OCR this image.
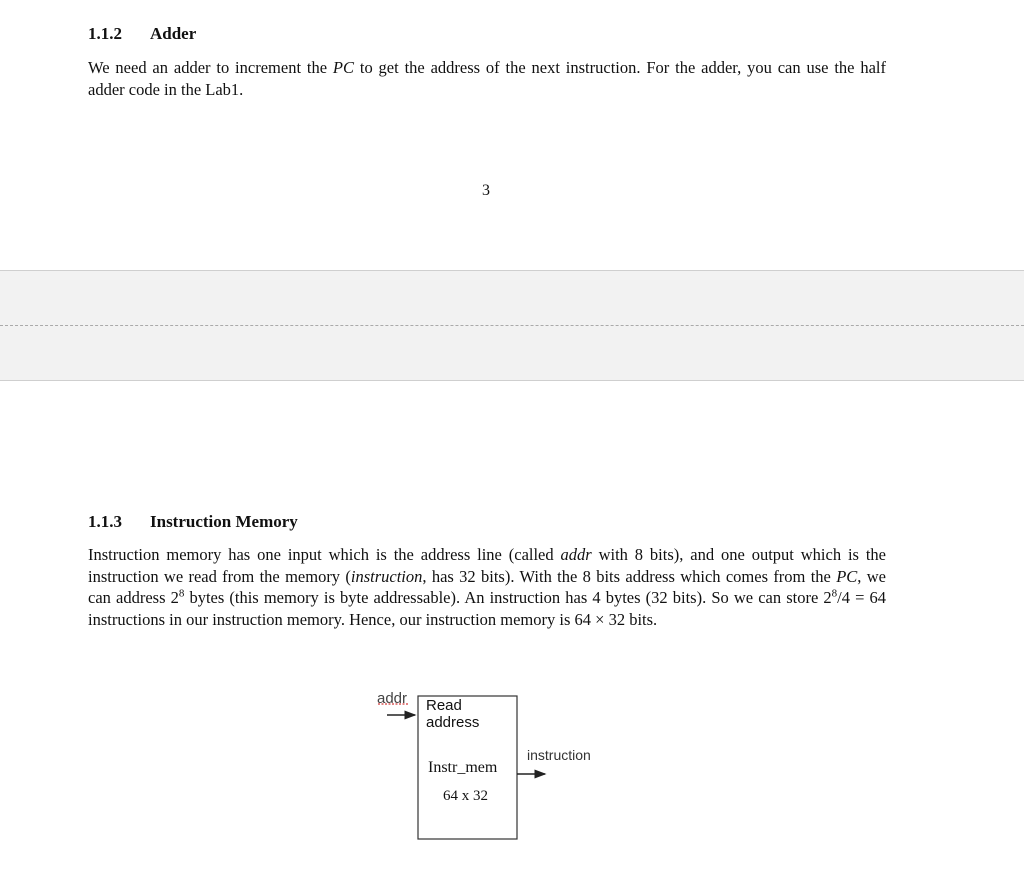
1.1.2 Adder
We need an adder to increment the PC to get the address of the next instruction. For the adder, you can use the half adder code in the Lab1.
3
1.1.3 Instruction Memory
Instruction memory has one input which is the address line (called addr with 8 bits), and one output which is the instruction we read from the memory (instruction, has 32 bits). With the 8 bits address which comes from the PC, we can address $2^8$ bytes (this memory is byte addressable). An instruction has 4 bytes (32 bits). So we can store $2^8/4 = 64$ instructions in our instruction memory. Hence, our instruction memory is 64 × 32 bits.
addr Read
address
instruction
Instr_mem
64 x 32
